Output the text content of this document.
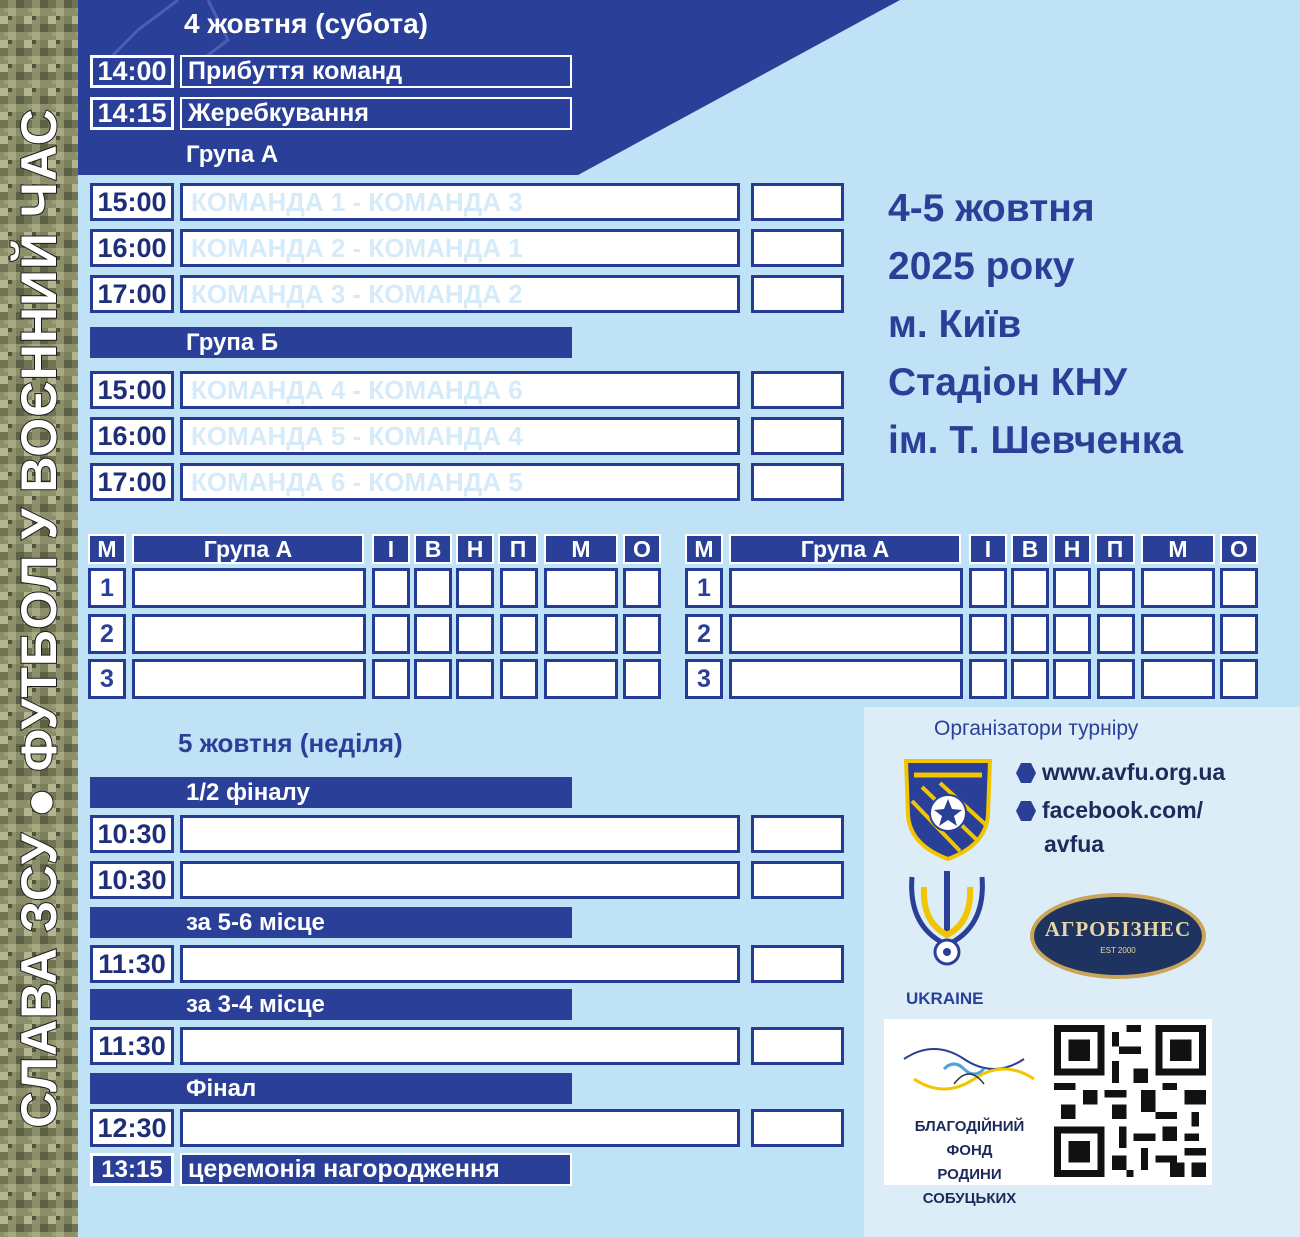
СЛАВА ЗСУ ● ФУТБОЛ У ВОЄННИЙ ЧАС
4 жовтня (субота)
14:00 Прибуття команд
14:15 Жеребкування
Група А
15:00 КОМАНДА 1 - КОМАНДА 3
16:00 КОМАНДА 2 - КОМАНДА 1
17:00 КОМАНДА 3 - КОМАНДА 2
Група Б
15:00 КОМАНДА 4 - КОМАНДА 6
16:00 КОМАНДА 5 - КОМАНДА 4
17:00 КОМАНДА 6 - КОМАНДА 5
4-5 жовтня
2025 року
м. Київ
Стадіон КНУ
ім. Т. Шевченка
М	Група А	І	В	Н	П	М	О
1
2
3
М	Група А	І	В	Н	П	М	О
1
2
3
5 жовтня (неділя)
1/2 фіналу
10:30
10:30
за 5-6 місце
11:30
за 3-4 місце
11:30
Фінал
12:30
13:15	церемонія нагородження
Організатори турніру
www.avfu.org.ua
facebook.com/
avfua
UKRAINE
АГРОБІЗНЕС
EST 2000
БЛАГОДІЙНИЙ ФОНД
РОДИНИ СОБУЦЬКИХ
